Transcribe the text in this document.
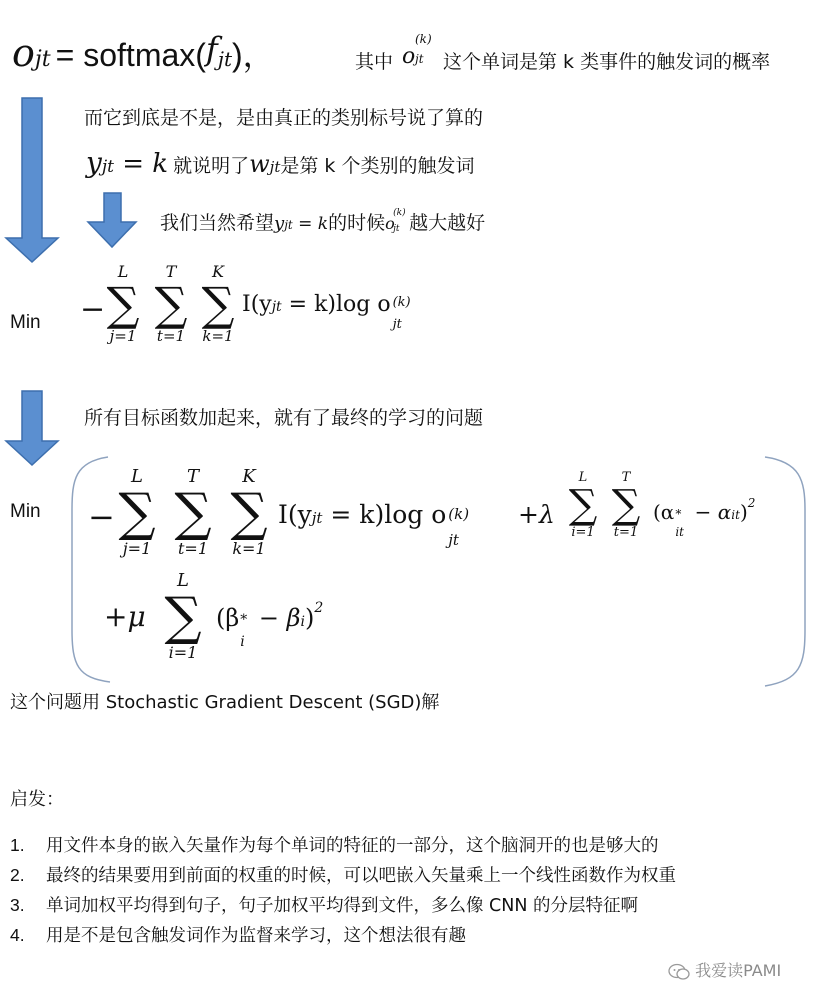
ojt = softmax(fjt)，	其中 o
(k)
jt 这个单词是第 k 类事件的触发词的概率
而它到底是不是，是由真正的类别标号说了算的
yjt = k 就说明了wjt是第 k 个类别的触发词
我们当然希望yjt = k的时候o
(k)
jt 越大越好
Min −
L
∑
j=1
T
∑
t=1
K
∑
k=1
I(yjt = k)log o (k)
jt
所有目标函数加起来，就有了最终的学习的问题
Min −
L
∑
j=1
T
∑
t=1
K
∑
k=1
I(yjt = k)log o (k)
jt
+λ
L
∑
i=1
T
∑
t=1
(α *
it
− αit)$^2$
+μ
L
∑
i=1
(β *
i
− βi)$^2$
这个问题用 Stochastic Gradient Descent (SGD)解
启发：
1. 用文件本身的嵌入矢量作为每个单词的特征的一部分，这个脑洞开的也是够大的
2. 最终的结果要用到前面的权重的时候，可以吧嵌入矢量乘上一个线性函数作为权重
3. 单词加权平均得到句子，句子加权平均得到文件，多么像 CNN 的分层特征啊
4. 用是不是包含触发词作为监督来学习，这个想法很有趣
我爱读PAMI
